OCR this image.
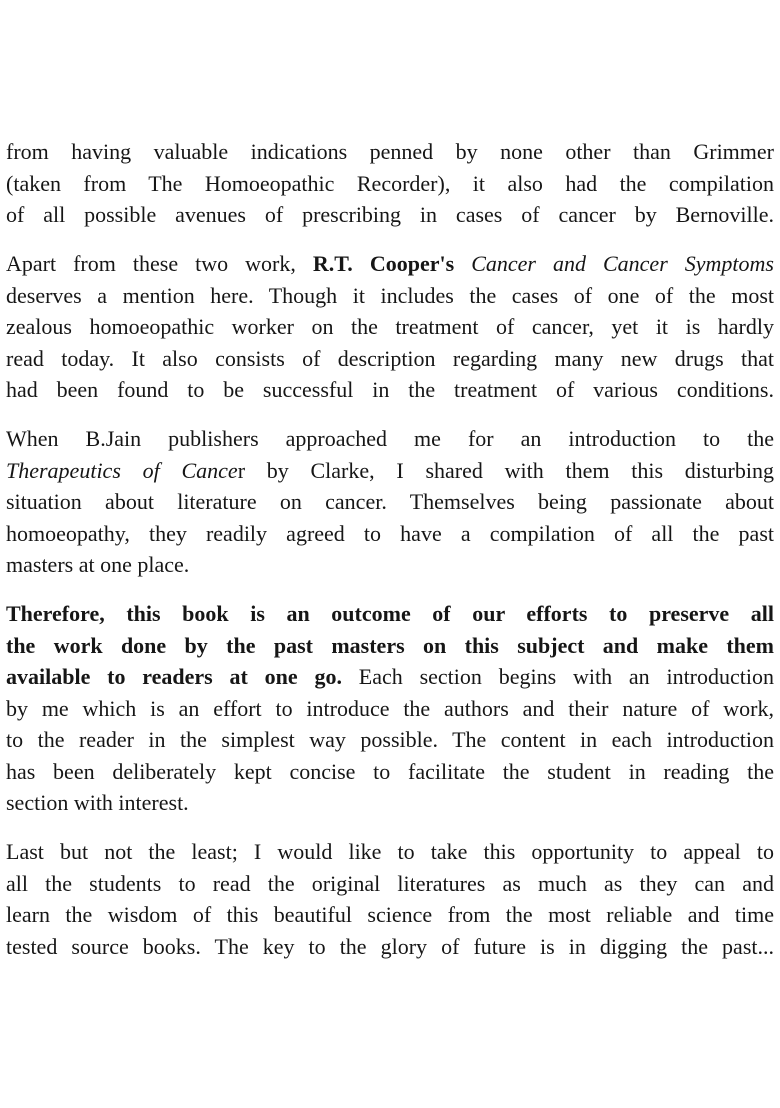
from having valuable indications penned by none other than Grimmer
(taken from The Homoeopathic Recorder), it also had the compilation
of all possible avenues of prescribing in cases of cancer by Bernoville.
Apart from these two work, R.T. Cooper's Cancer and Cancer Symptoms
deserves a mention here. Though it includes the cases of one of the most
zealous homoeopathic worker on the treatment of cancer, yet it is hardly
read today. It also consists of description regarding many new drugs that
had been found to be successful in the treatment of various conditions.
When B.Jain publishers approached me for an introduction to the
Therapeutics of Cancer by Clarke, I shared with them this disturbing
situation about literature on cancer. Themselves being passionate about
homoeopathy, they readily agreed to have a compilation of all the past
masters at one place.
Therefore, this book is an outcome of our efforts to preserve all
the work done by the past masters on this subject and make them
available to readers at one go. Each section begins with an introduction
by me which is an effort to introduce the authors and their nature of work,
to the reader in the simplest way possible. The content in each introduction
has been deliberately kept concise to facilitate the student in reading the
section with interest.
Last but not the least; I would like to take this opportunity to appeal to
all the students to read the original literatures as much as they can and
learn the wisdom of this beautiful science from the most reliable and time
tested source books. The key to the glory of future is in digging the past...
